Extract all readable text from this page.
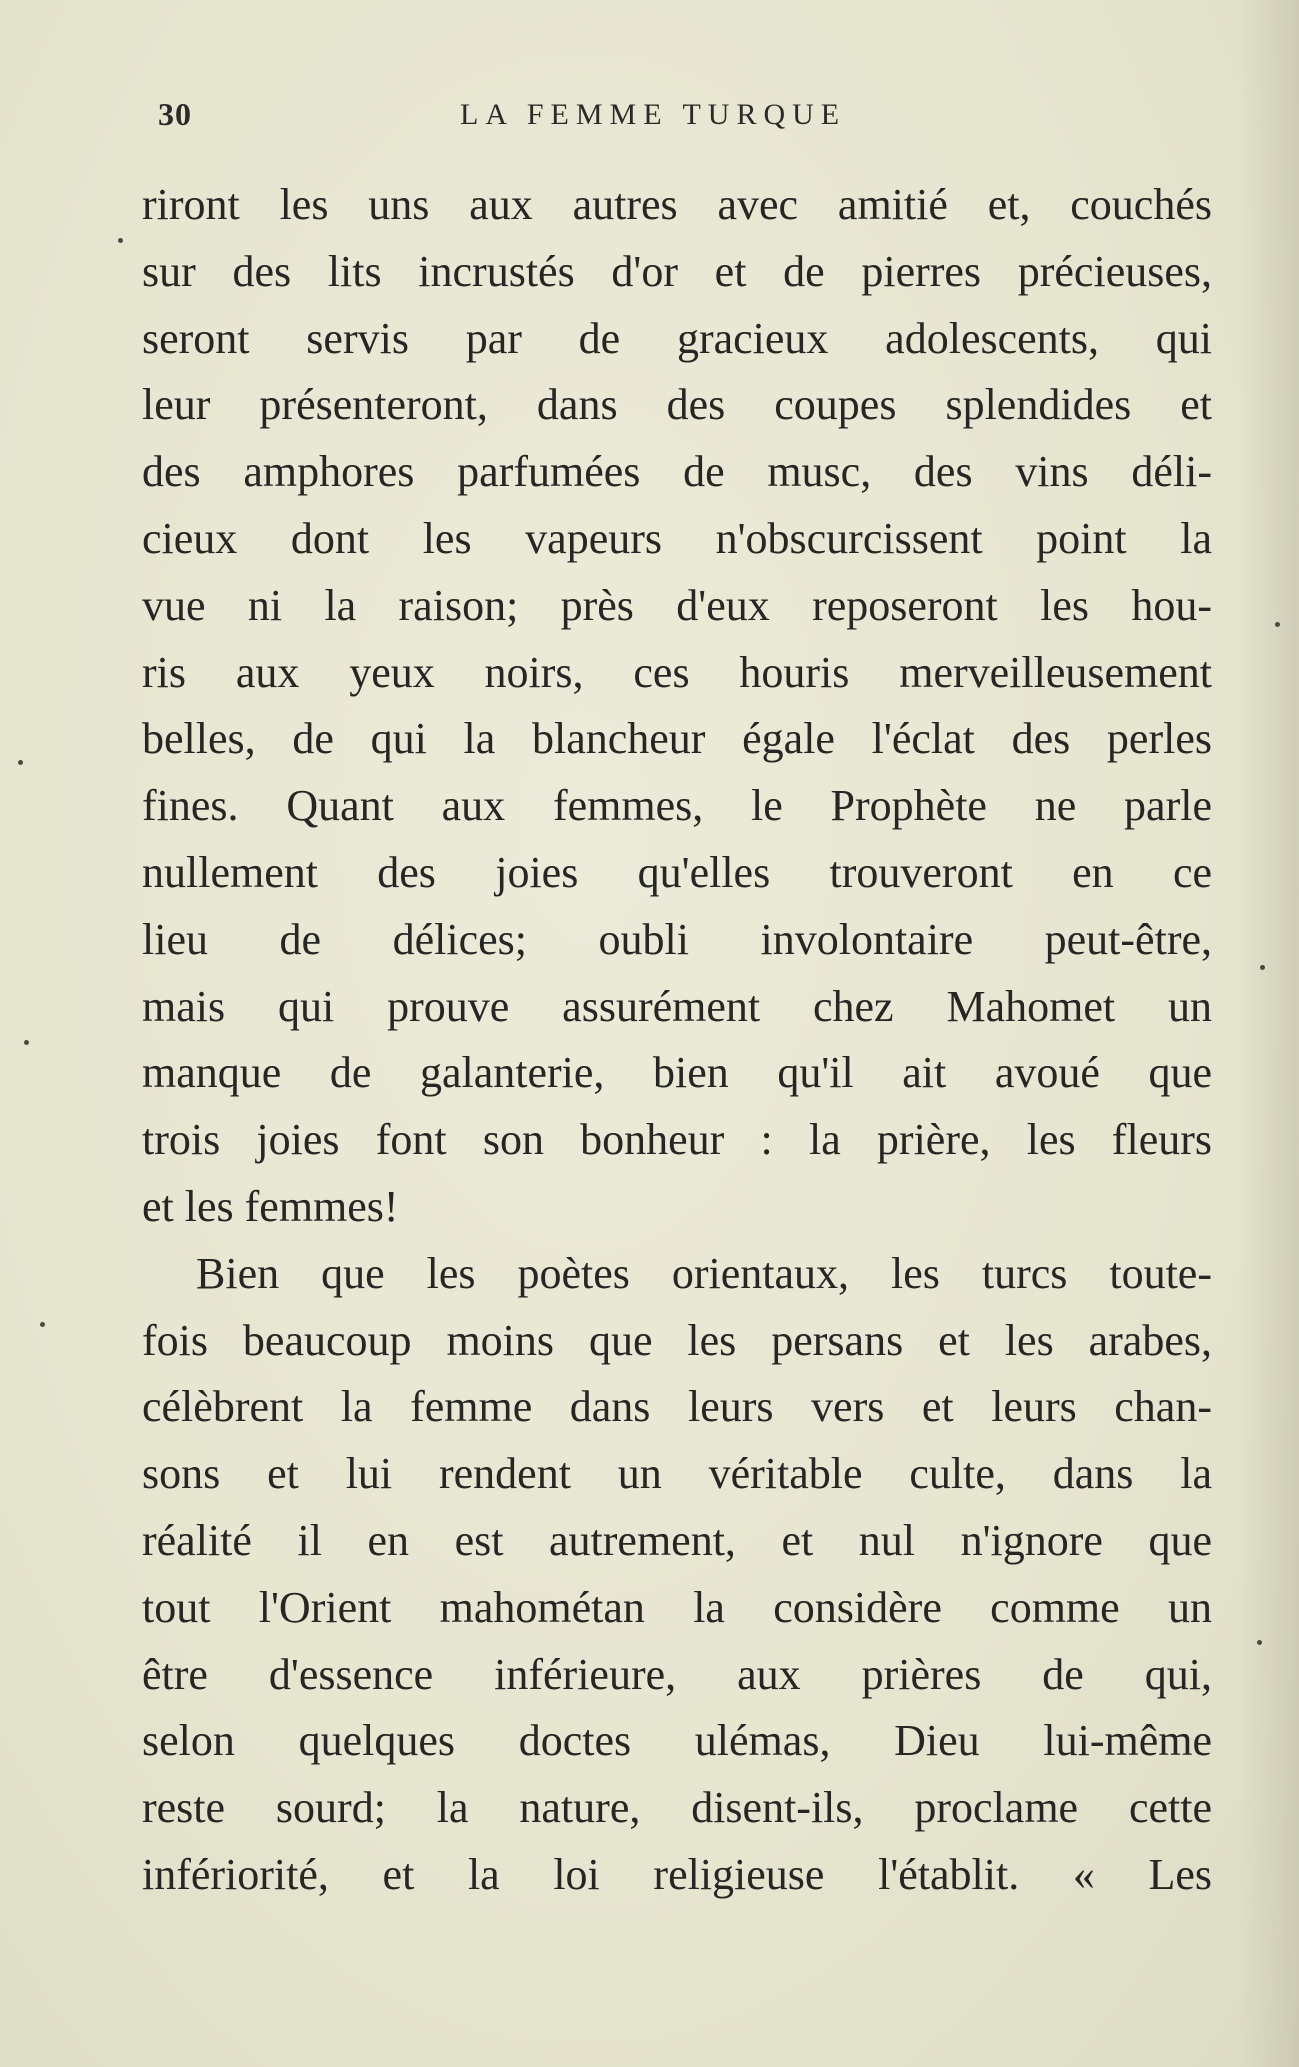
30	LA FEMME TURQUE
riront les uns aux autres avec amitié et, couchés
sur des lits incrustés d'or et de pierres précieuses,
seront servis par de gracieux adolescents, qui
leur présenteront, dans des coupes splendides et
des amphores parfumées de musc, des vins déli-
cieux dont les vapeurs n'obscurcissent point la
vue ni la raison; près d'eux reposeront les hou-
ris aux yeux noirs, ces houris merveilleusement
belles, de qui la blancheur égale l'éclat des perles
fines. Quant aux femmes, le Prophète ne parle
nullement des joies qu'elles trouveront en ce
lieu de délices; oubli involontaire peut-être,
mais qui prouve assurément chez Mahomet un
manque de galanterie, bien qu'il ait avoué que
trois joies font son bonheur : la prière, les fleurs
et les femmes!
Bien que les poètes orientaux, les turcs toute-
fois beaucoup moins que les persans et les arabes,
célèbrent la femme dans leurs vers et leurs chan-
sons et lui rendent un véritable culte, dans la
réalité il en est autrement, et nul n'ignore que
tout l'Orient mahométan la considère comme un
être d'essence inférieure, aux prières de qui,
selon quelques doctes ulémas, Dieu lui-même
reste sourd; la nature, disent-ils, proclame cette
infériorité, et la loi religieuse l'établit. « Les
